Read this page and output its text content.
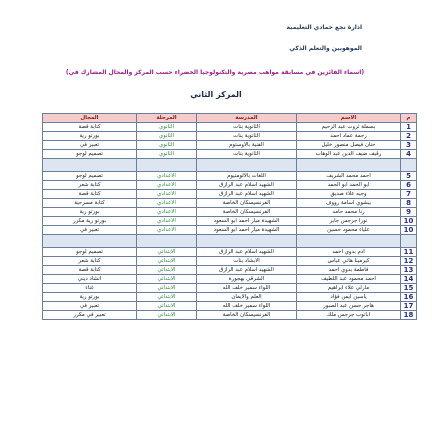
ادارة نجع حمادي التعليمية
الموهوبين والتعلم الذكي
(اسماء الفائزين في مسابقة مواهب مصرية والتكنولوجيا الخضراء حسب المركز والمجال المشارك في)
المركز الثاني
م	الاسم	المدرسة	المرحلة	المجال
1	بسملة ثروت عبد الرحيم	الثانوية بنات	الثانوي	كتابة قصة
2	رحمة عماد احمد	الثانوية بنات	الثانوي	بورتو رية
3	حنان فيصل منصور خليل	الفنية بالاوستوم	الثانوي	تعبير في
4	رقيف ضيف الدين عبد الوهاب	الثانوية بنات	الثانوي	تصميم لوجو

5	احمد محمد الشريف	اللغات بالالومنيوم	الاعدادي	تصميم لوجو
6	ابو الحمد ابو الحمد	الشهيد اسلام عبد الرازق	الاعدادي	كتابة شعر
7	وجيه علاء صديق	الشهيد اسلام عبد الرازق	الاعدادي	كتابة قصة
8	بيشوي اسامة رووف	الفرنسيسكان الخاصة	الاعدادي	كتابة مسرحية
9	رنا محمد حامد	الفرنسيسكان الخاصة	الاعدادي	بورتو رية
10	نورا جرجس جابر	الشهيدة ميار احمد ابو السعود	الاعدادي	بورتو رية مكرر
10	علياء محمود حسين	الشهيدة ميار احمد ابو السعود	الاعدادي	تعبير في

11	ادم بدوي احمد	الشهيد اسلام عبد الرازق	الابتدائي	تصميم لوجو
12	كيرمينا هاني عباس	الابشاد بنات	الابتدائي	كتابة شعر
13	فاطمة بدوي احمد	الشهيد اسلام عبد الرازق	الابتدائي	كتابة قصة
14	احمد محمود عبد اللطيف	الشرقي بهجورة	الابتدائي	انشاد ديني
15	مارلي علاء ابراهيم	اللواء سمير خلف الله	الابتدائي	غناء
16	ياسين ايمن فؤاد	العلم والايمان	الابتدائي	بورتو رية
17	هاجر حسن عبد الصبور	اللواء سمير خلف الله	الابتدائي	تعبير في
18	ابانوب جرجس ملك	الفرنسيسكان الخاصة	الابتدائي	تعبير في مكرر
